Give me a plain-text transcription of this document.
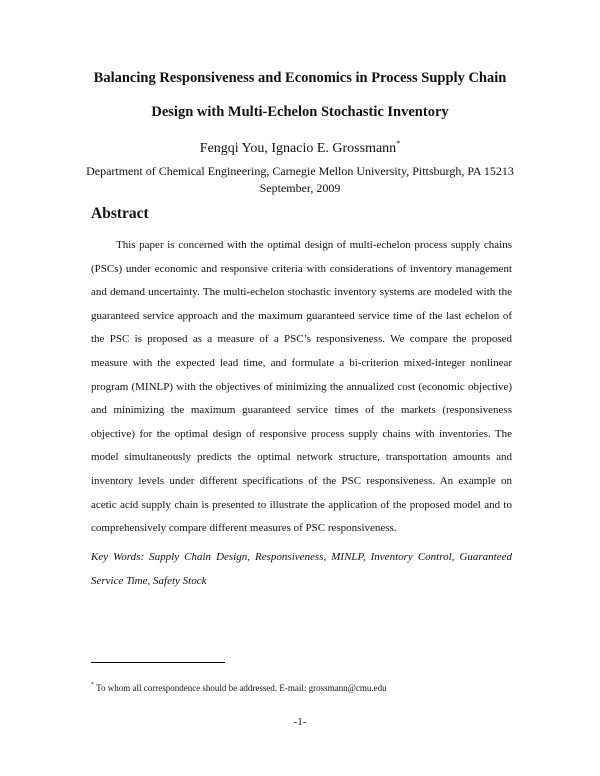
Balancing Responsiveness and Economics in Process Supply Chain
Design with Multi-Echelon Stochastic Inventory
Fengqi You, Ignacio E. Grossmann*
Department of Chemical Engineering, Carnegie Mellon University, Pittsburgh, PA 15213
September, 2009
Abstract

This paper is concerned with the optimal design of multi-echelon process supply chains (PSCs) under economic and responsive criteria with considerations of inventory management and demand uncertainty. The multi-echelon stochastic inventory systems are modeled with the guaranteed service approach and the maximum guaranteed service time of the last echelon of the PSC is proposed as a measure of a PSC’s responsiveness. We compare the proposed measure with the expected lead time, and formulate a bi-criterion mixed-integer nonlinear program (MINLP) with the objectives of minimizing the annualized cost (economic objective) and minimizing the maximum guaranteed service times of the markets (responsiveness objective) for the optimal design of responsive process supply chains with inventories. The model simultaneously predicts the optimal network structure, transportation amounts and inventory levels under different specifications of the PSC responsiveness. An example on acetic acid supply chain is presented to illustrate the application of the proposed model and to comprehensively compare different measures of PSC responsiveness.

Key Words: Supply Chain Design, Responsiveness, MINLP, Inventory Control, Guaranteed Service Time, Safety Stock

* To whom all correspondence should be addressed. E-mail: grossmann@cmu.edu
-1-
